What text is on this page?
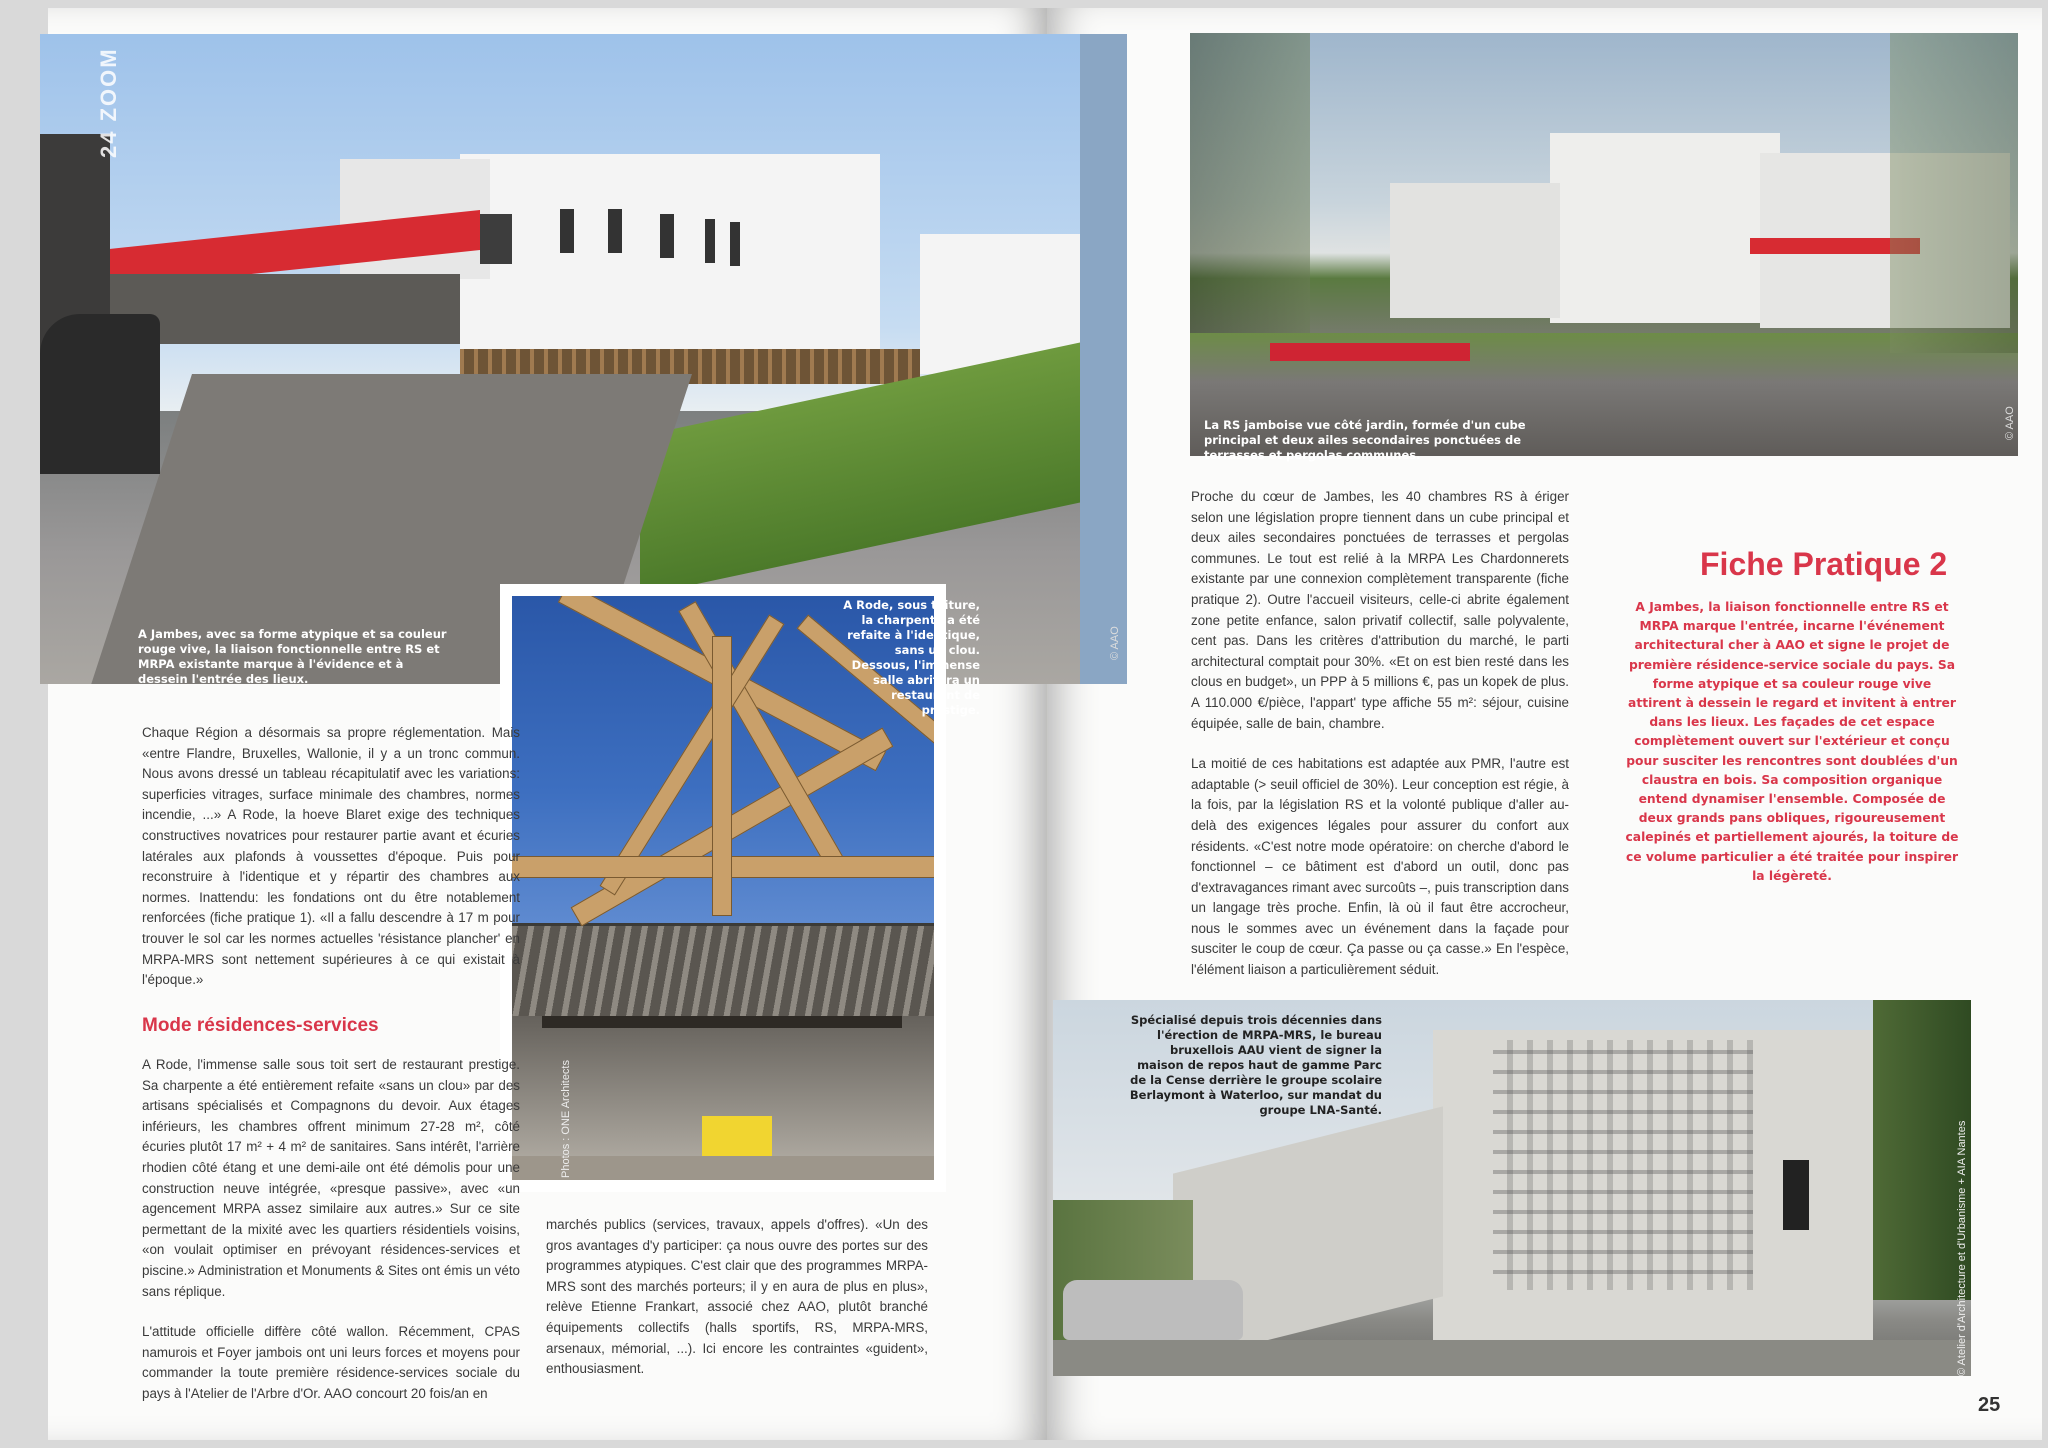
24 ZOOM
A Jambes, avec sa forme atypique et sa couleur rouge vive, la liaison fonctionnelle entre RS et MRPA existante marque à l'évidence et à dessein l'entrée des lieux.
A Rode, sous toiture, la charpente a été refaite à l'identique, sans un clou. Dessous, l'immense salle abritera un restaurant de prestige.
Photos : ONE Architects
© AAO

Chaque Région a désormais sa propre réglementation. Mais «entre Flandre, Bruxelles, Wallonie, il y a un tronc commun. Nous avons dressé un tableau récapitulatif avec les variations: superficies vitrages, surface minimale des chambres, normes incendie, ...» A Rode, la hoeve Blaret exige des techniques constructives novatrices pour restaurer partie avant et écuries latérales aux plafonds à voussettes d'époque. Puis pour reconstruire à l'identique et y répartir des chambres aux normes. Inattendu: les fondations ont du être notablement renforcées (fiche pratique 1). «Il a fallu descendre à 17 m pour trouver le sol car les normes actuelles 'résistance plancher' en MRPA-MRS sont nettement supérieures à ce qui existait à l'époque.»

Mode résidences-services

A Rode, l'immense salle sous toit sert de restaurant prestige. Sa charpente a été entièrement refaite «sans un clou» par des artisans spécialisés et Compagnons du devoir. Aux étages inférieurs, les chambres offrent minimum 27-28 m², côté écuries plutôt 17 m² + 4 m² de sanitaires. Sans intérêt, l'arrière rhodien côté étang et une demi-aile ont été démolis pour une construction neuve intégrée, «presque passive», avec «un agencement MRPA assez similaire aux autres.» Sur ce site permettant de la mixité avec les quartiers résidentiels voisins, «on voulait optimiser en prévoyant résidences-services et piscine.» Administration et Monuments & Sites ont émis un véto sans réplique.

L'attitude officielle diffère côté wallon. Récemment, CPAS namurois et Foyer jambois ont uni leurs forces et moyens pour commander la toute première résidence-services sociale du pays à l'Atelier de l'Arbre d'Or. AAO concourt 20 fois/an en

marchés publics (services, travaux, appels d'offres). «Un des gros avantages d'y participer: ça nous ouvre des portes sur des programmes atypiques. C'est clair que des programmes MRPA-MRS sont des marchés porteurs; il y en aura de plus en plus», relève Etienne Frankart, associé chez AAO, plutôt branché équipements collectifs (halls sportifs, RS, MRPA-MRS, arsenaux, mémorial, ...). Ici encore les contraintes «guident», enthousiasment.

La RS jamboise vue côté jardin, formée d'un cube principal et deux ailes secondaires ponctuées de terrasses et pergolas communes.
© AAO

Proche du cœur de Jambes, les 40 chambres RS à ériger selon une législation propre tiennent dans un cube principal et deux ailes secondaires ponctuées de terrasses et pergolas communes. Le tout est relié à la MRPA Les Chardonnerets existante par une connexion complètement transparente (fiche pratique 2). Outre l'accueil visiteurs, celle-ci abrite également zone petite enfance, salon privatif collectif, salle polyvalente, cent pas. Dans les critères d'attribution du marché, le parti architectural comptait pour 30%. «Et on est bien resté dans les clous en budget», un PPP à 5 millions €, pas un kopek de plus. A 110.000 €/pièce, l'appart' type affiche 55 m²: séjour, cuisine équipée, salle de bain, chambre.

La moitié de ces habitations est adaptée aux PMR, l'autre est adaptable (> seuil officiel de 30%). Leur conception est régie, à la fois, par la législation RS et la volonté publique d'aller au-delà des exigences légales pour assurer du confort aux résidents. «C'est notre mode opératoire: on cherche d'abord le fonctionnel – ce bâtiment est d'abord un outil, donc pas d'extravagances rimant avec surcoûts –, puis transcription dans un langage très proche. Enfin, là où il faut être accrocheur, nous le sommes avec un événement dans la façade pour susciter le coup de cœur. Ça passe ou ça casse.» En l'espèce, l'élément liaison a particulièrement séduit.

Fiche Pratique 2
A Jambes, la liaison fonctionnelle entre RS et MRPA marque l'entrée, incarne l'événement architectural cher à AAO et signe le projet de première résidence-service sociale du pays. Sa forme atypique et sa couleur rouge vive attirent à dessein le regard et invitent à entrer dans les lieux. Les façades de cet espace complètement ouvert sur l'extérieur et conçu pour susciter les rencontres sont doublées d'un claustra en bois. Sa composition organique entend dynamiser l'ensemble. Composée de deux grands pans obliques, rigoureusement calepinés et partiellement ajourés, la toiture de ce volume particulier a été traitée pour inspirer la légèreté.
Spécialisé depuis trois décennies dans l'érection de MRPA-MRS, le bureau bruxellois AAU vient de signer la maison de repos haut de gamme Parc de la Cense derrière le groupe scolaire Berlaymont à Waterloo, sur mandat du groupe LNA-Santé.
© Atelier d'Architecture et d'Urbanisme + AIA Nantes
25
